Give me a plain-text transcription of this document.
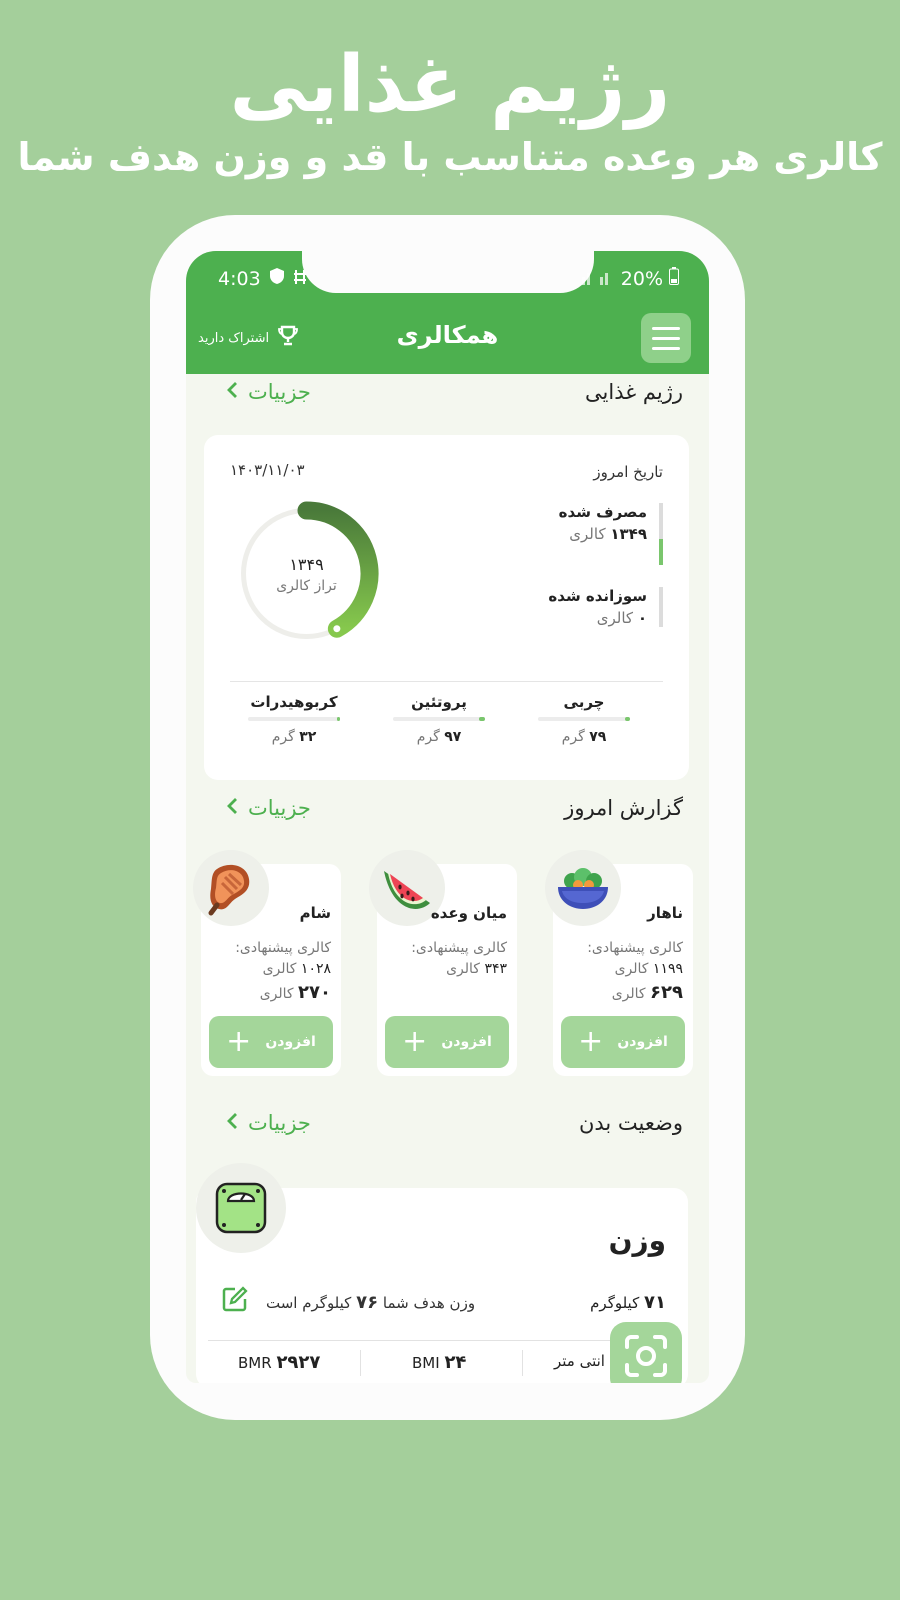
رژیم غذایی
کالری هر وعده متناسب با قد و وزن هدف شما
4:03	20%
همکالری
اشتراک دارید
رژیم غذایی
جزییات
تاریخ امروز
۱۴۰۳/۱۱/۰۳
مصرف شده
۱۳۴۹ کالری
سوزانده شده
۰ کالری
۱۳۴۹
تراز کالری
کربوهیدرات
۳۲ گرم
پروتئین
۹۷ گرم
چربی
۷۹ گرم
گزارش امروز
جزییات
شام
کالری پیشنهادی:
۱۰۲۸ کالری
۲۷۰ کالری
افزودن
+
میان وعده
کالری پیشنهادی:
۳۴۳ کالری
افزودن
+
ناهار
کالری پیشنهادی:
۱۱۹۹ کالری
۶۲۹ کالری
افزودن
+
وضعیت بدن
جزییات
وزن
۷۱ کیلوگرم
وزن هدف شما ۷۶ کیلوگرم است
BMR ۲۹۲۷	BMI ۲۴	انتی متر
